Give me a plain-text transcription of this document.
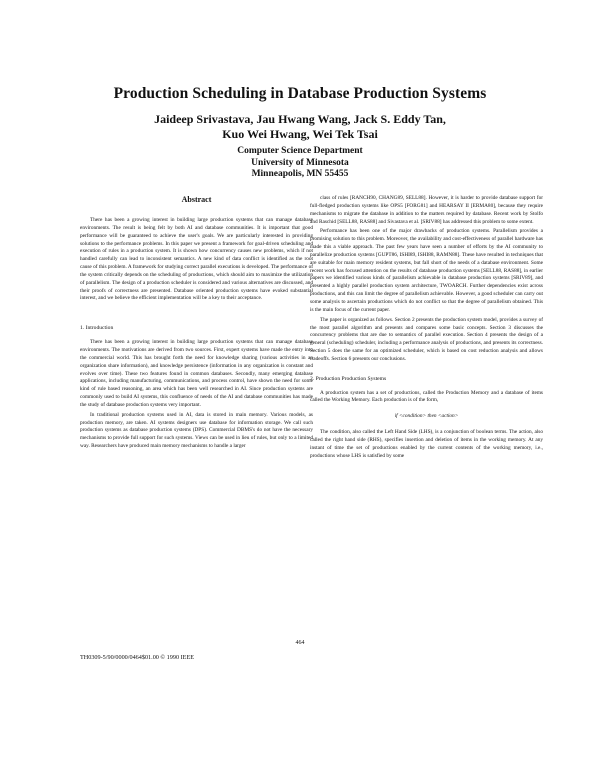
Production Scheduling in Database Production Systems
Jaideep Srivastava, Jau Hwang Wang, Jack S. Eddy Tan,
Kuo Wei Hwang, Wei Tek Tsai
Computer Science Department
University of Minnesota
Minneapolis, MN 55455
Abstract

There has been a growing interest in building large production systems that can manage database environments. The result is being felt by both AI and database communities. It is important that good performance will be guaranteed to achieve the user's goals. We are particularly interested in providing solutions to the performance problems. In this paper we present a framework for goal-driven scheduling and execution of rules in a production system. It is shown how concurrency causes new problems, which if not handled carefully can lead to inconsistent semantics. A new kind of data conflict is identified as the root cause of this problem. A framework for studying correct parallel executions is developed. The performance of the system critically depends on the scheduling of productions, which should aim to maximize the utilization of parallelism. The design of a production scheduler is considered and various alternatives are discussed, and their proofs of correctness are presented. Database oriented production systems have evoked substantial interest, and we believe the efficient implementation will be a key to their acceptance.

1. Introduction

There has been a growing interest in building large production systems that can manage database environments. The motivations are derived from two sources. First, expert systems have made the entry into the commercial world. This has brought forth the need for knowledge sharing (various activities in an organization share information), and knowledge persistence (information in any organization is constant and evolves over time). These two features found in common databases. Secondly, many emerging database applications, including manufacturing, communications, and process control, have shown the need for some kind of rule based reasoning, an area which has been well researched in AI. Since production systems are commonly used to build AI systems, this confluence of needs of the AI and database communities has made the study of database production systems very important.

In traditional production systems used in AI, data is stored in main memory. Various models, as production memory, are taken. AI systems designers use database for information storage. We call such production systems as database production systems (DPS). Commercial DBMS's do not have the necessary mechanisms to provide full support for such systems. Views can be used in lieu of rules, but only to a limited way. Researchers have produced main memory mechanisms to handle a larger

class of rules [RANCH90, CHANG89, SELL88]. However, it is harder to provide database support for full-fledged production systems like OPS5 [FORG81] and HEARSAY II [ERMA80], because they require mechanisms to migrate the database in addition to the matters required by database. Recent work by Stolfo and Raschid [SELL88, RAS88] and Sivastava et al. [SRIV88] has addressed this problem to some extent.

Performance has been one of the major drawbacks of production systems. Parallelism provides a promising solution to this problem. Moreover, the availability and cost-effectiveness of parallel hardware has made this a viable approach. The past few years have seen a number of efforts by the AI community to parallelize production systems [GUPT86, ISHI89, ISHI88, RAMN88]. These have resulted in techniques that are suitable for main memory resident systems, but fall short of the needs of a database environment. Some recent work has focused attention on the results of database production systems [SELL88, RAS88], in earlier papers we identified various kinds of parallelism achievable in database production systems [SRIV89], and presented a highly parallel production system architecture, TWOARCH. Further dependencies exist across productions, and this can limit the degree of parallelism achievable. However, a good scheduler can carry out some analysis to ascertain productions which do not conflict so that the degree of parallelism obtained. This is the main focus of the current paper.

The paper is organized as follows. Section 2 presents the production system model, provides a survey of the most parallel algorithm and presents and compares some basic concepts. Section 3 discusses the concurrency problems that are due to semantics of parallel execution. Section 4 presents the design of a general (scheduling) scheduler, including a performance analysis of productions, and presents its correctness. Section 5 does the same for an optimized scheduler, which is based on cost reduction analysis and allows tradeoffs. Section 6 presents our conclusions.

2. Production Production Systems

A production system has a set of productions, called the Production Memory and a database of items called the Working Memory. Each production is of the form,

if <condition> then <action>

The condition, also called the Left Hand Side (LHS), is a conjunction of boolean terms. The action, also called the right hand side (RHS), specifies insertion and deletion of items in the working memory. At any instant of time the set of productions enabled by the current contents of the working memory, i.e., productions whose LHS is satisfied by some

464
TH0309-5/90/0000/0464$01.00 © 1990 IEEE
